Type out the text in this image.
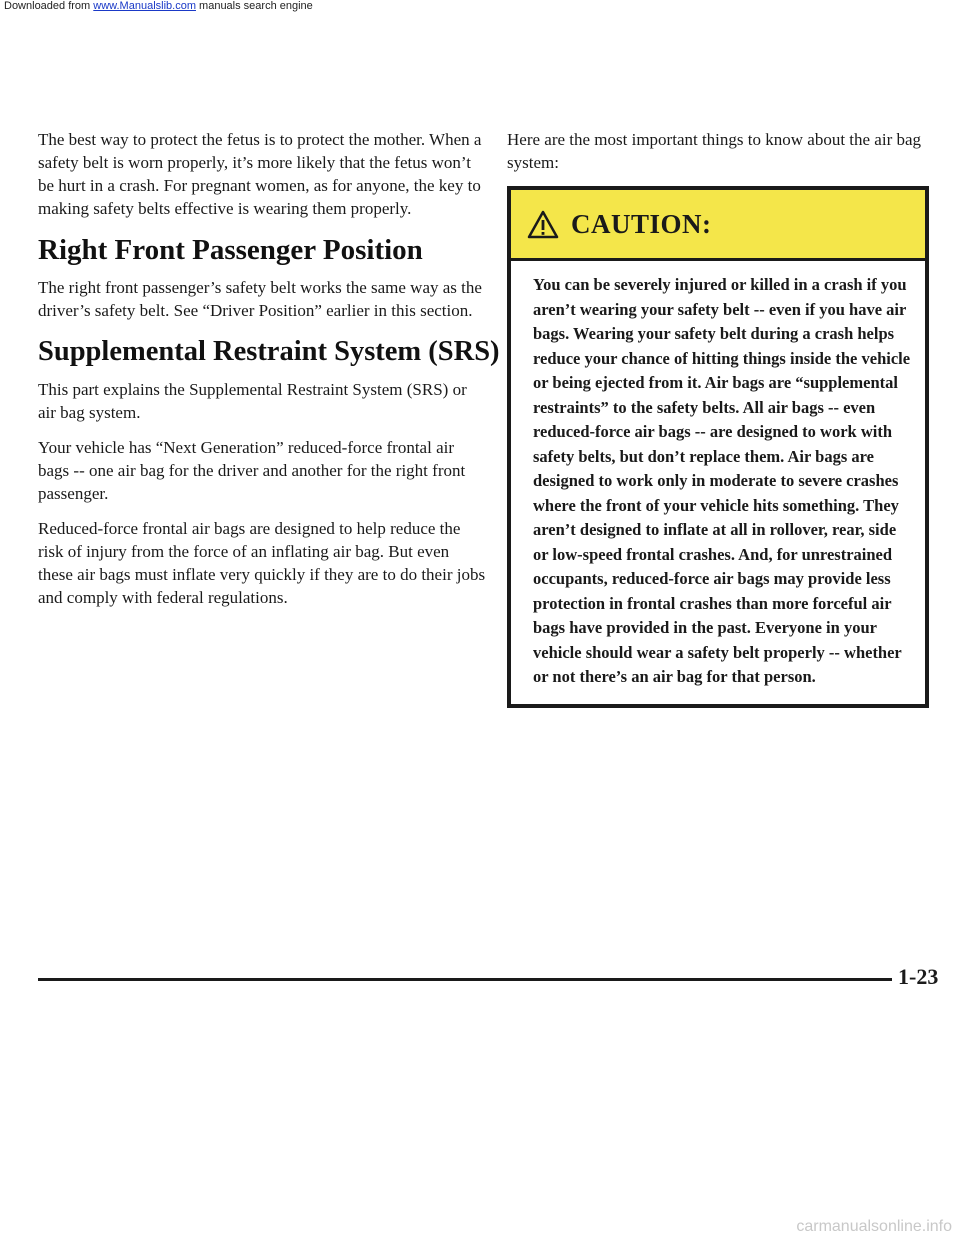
Downloaded from www.Manualslib.com manuals search engine

The best way to protect the fetus is to protect the mother. When a safety belt is worn properly, it’s more likely that the fetus won’t be hurt in a crash. For pregnant women, as for anyone, the key to making safety belts effective is wearing them properly.

Right Front Passenger Position

The right front passenger’s safety belt works the same way as the driver’s safety belt. See “Driver Position” earlier in this section.

Supplemental Restraint System (SRS)

This part explains the Supplemental Restraint System (SRS) or air bag system.

Your vehicle has “Next Generation” reduced-force frontal air bags -- one air bag for the driver and another for the right front passenger.

Reduced-force frontal air bags are designed to help reduce the risk of injury from the force of an inflating air bag. But even these air bags must inflate very quickly if they are to do their jobs and comply with federal regulations.

Here are the most important things to know about the air bag system:

CAUTION:
You can be severely injured or killed in a crash if you aren’t wearing your safety belt -- even if you have air bags. Wearing your safety belt during a crash helps reduce your chance of hitting things inside the vehicle or being ejected from it. Air bags are “supplemental restraints” to the safety belts. All air bags -- even reduced-force air bags -- are designed to work with safety belts, but don’t replace them. Air bags are designed to work only in moderate to severe crashes where the front of your vehicle hits something. They aren’t designed to inflate at all in rollover, rear, side or low-speed frontal crashes. And, for unrestrained occupants, reduced-force air bags may provide less protection in frontal crashes than more forceful air bags have provided in the past. Everyone in your vehicle should wear a safety belt properly -- whether or not there’s an air bag for that person.
1-23
carmanualsonline.info
